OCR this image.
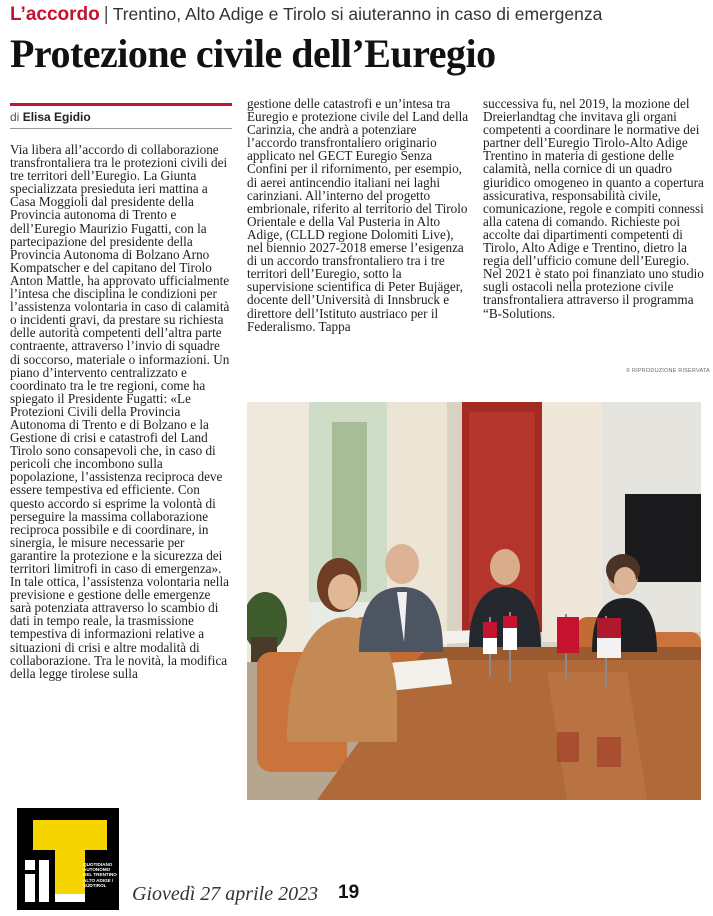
L’accordo | Trentino, Alto Adige e Tirolo si aiuteranno in caso di emergenza
Protezione civile dell’Euregio
di Elisa Egidio
Via libera all’accordo di collaborazione transfrontaliera tra le protezioni civili dei tre territori dell’Euregio. La Giunta specializzata presieduta ieri mattina a Casa Moggioli dal presidente della Provincia autonoma di Trento e dell’Euregio Maurizio Fugatti, con la partecipazione del presidente della Provincia Autonoma di Bolzano Arno Kompatscher e del capitano del Tirolo Anton Mattle, ha approvato ufficialmente l’intesa che disciplina le condizioni per l’assistenza volontaria in caso di calamità o incidenti gravi, da prestare su richiesta delle autorità competenti dell’altra parte contraente, attraverso l’invio di squadre di soccorso, materiale o informazioni. Un piano d’intervento centralizzato e coordinato tra le tre regioni, come ha spiegato il Presidente Fugatti: «Le Protezioni Civili della Provincia Autonoma di Trento e di Bolzano e la Gestione di crisi e catastrofi del Land Tirolo sono consapevoli che, in caso di pericoli che incombono sulla popolazione, l’assistenza reciproca deve essere tempestiva ed efficiente. Con questo accordo si esprime la volontà di perseguire la massima collaborazione reciproca possibile e di coordinare, in sinergia, le misure necessarie per garantire la protezione e la sicurezza dei territori limitrofi in caso di emergenza». In tale ottica, l’assistenza volontaria nella previsione e gestione delle emergenze sarà potenziata attraverso lo scambio di dati in tempo reale, la trasmissione tempestiva di informazioni relative a situazioni di crisi e altre modalità di collaborazione. Tra le novità, la modifica della legge tirolese sulla
gestione delle catastrofi e un’intesa tra Euregio e protezione civile del Land della Carinzia, che andrà a potenziare l’accordo transfrontaliero originario applicato nel GECT Euregio Senza Confini per il rifornimento, per esempio, di aerei antincendio italiani nei laghi carinziani. All’interno del progetto embrionale, riferito al territorio del Tirolo Orientale e della Val Pusteria in Alto Adige, (CLLD regione Dolomiti Live), nel biennio 2027-2018 emerse l’esigenza di un accordo transfrontaliero tra i tre territori dell’Euregio, sotto la supervisione scientifica di Peter Bujäger, docente dell’Università di Innsbruck e direttore dell’Istituto austriaco per il Federalismo. Tappa
successiva fu, nel 2019, la mozione del Dreierlandtag che invitava gli organi competenti a coordinare le normative dei partner dell’Euregio Tirolo-Alto Adige Trentino in materia di gestione delle calamità, nella cornice di un quadro giuridico omogeneo in quanto a copertura assicurativa, responsabilità civile, comunicazione, regole e compiti connessi alla catena di comando. Richieste poi accolte dai dipartimenti competenti di Tirolo, Alto Adige e Trentino, dietro la regia dell’ufficio comune dell’Euregio. Nel 2021 è stato poi finanziato uno studio sugli ostacoli nella protezione civile transfrontaliera attraverso il programma “B-Solutions.
© RIPRODUZIONE RISERVATA
QUOTIDIANO
AUTONOMO
DEL TRENTINO
ALTO ADIGE /
SÜDTIROL	Giovedì 27 aprile 2023 19
